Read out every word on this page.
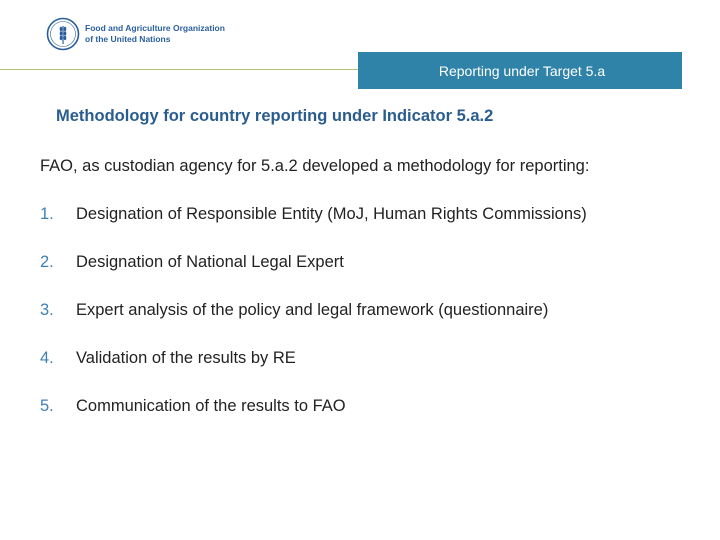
Food and Agriculture Organization
of the United Nations
Reporting under Target 5.a
Methodology for country reporting under Indicator 5.a.2
FAO, as custodian agency for 5.a.2 developed a methodology for reporting:
1.	Designation of Responsible Entity (MoJ, Human Rights Commissions)
2.	Designation of National Legal Expert
3.	Expert analysis of the policy and legal framework (questionnaire)
4.	Validation of the results by RE
5.	Communication of the results to FAO
